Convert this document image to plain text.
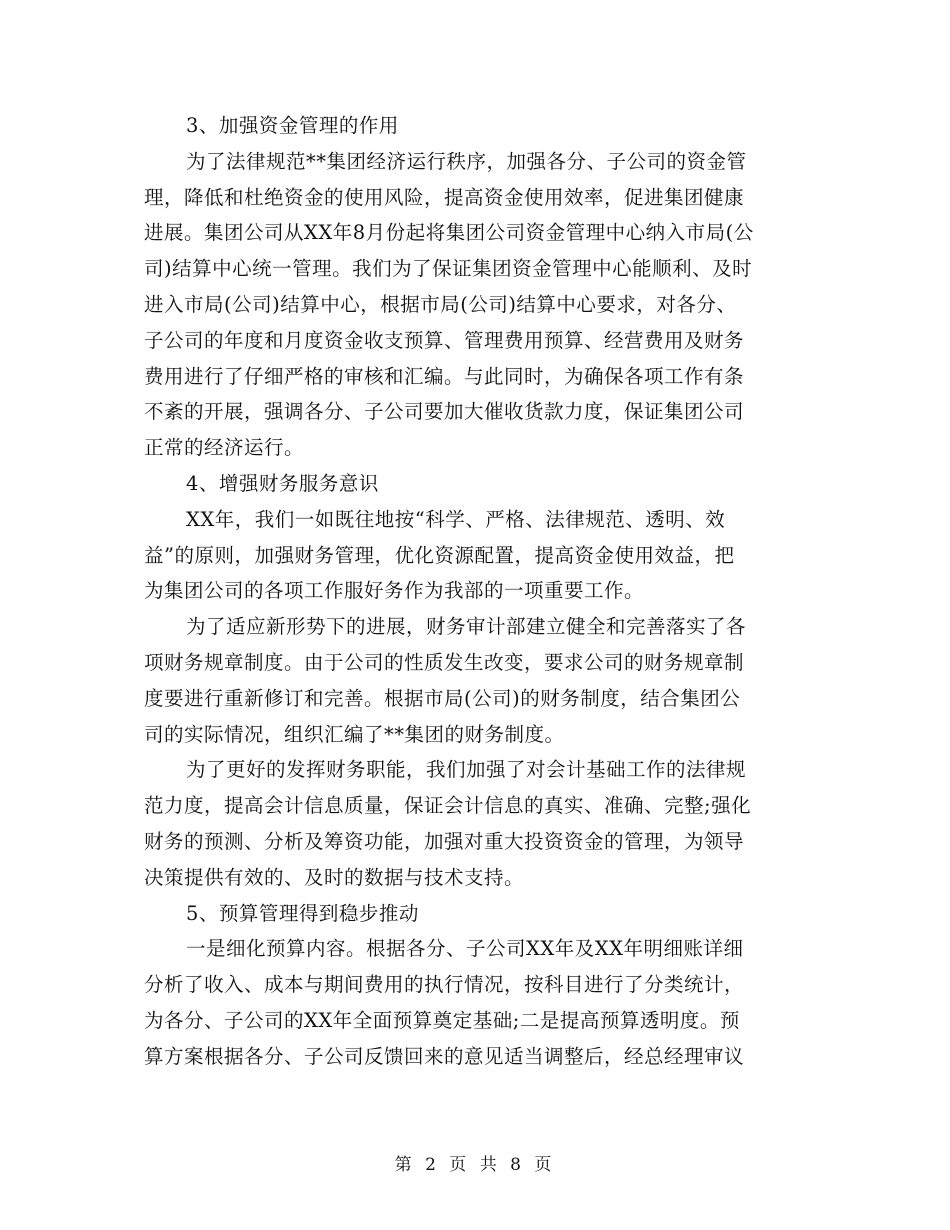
3、加强资金管理的作用
为了法律规范**集团经济运行秩序，加强各分、子公司的资金管
理，降低和杜绝资金的使用风险，提高资金使用效率，促进集团健康
进展。集团公司从XX年8月份起将集团公司资金管理中心纳入市局(公
司)结算中心统一管理。我们为了保证集团资金管理中心能顺利、及时
进入市局(公司)结算中心，根据市局(公司)结算中心要求，对各分、
子公司的年度和月度资金收支预算、管理费用预算、经营费用及财务
费用进行了仔细严格的审核和汇编。与此同时，为确保各项工作有条
不紊的开展，强调各分、子公司要加大催收货款力度，保证集团公司
正常的经济运行。
4、增强财务服务意识
XX年，我们一如既往地按“科学、严格、法律规范、透明、效
益”的原则，加强财务管理，优化资源配置，提高资金使用效益，把
为集团公司的各项工作服好务作为我部的一项重要工作。
为了适应新形势下的进展，财务审计部建立健全和完善落实了各
项财务规章制度。由于公司的性质发生改变，要求公司的财务规章制
度要进行重新修订和完善。根据市局(公司)的财务制度，结合集团公
司的实际情况，组织汇编了**集团的财务制度。
为了更好的发挥财务职能，我们加强了对会计基础工作的法律规
范力度，提高会计信息质量，保证会计信息的真实、准确、完整;强化
财务的预测、分析及筹资功能，加强对重大投资资金的管理，为领导
决策提供有效的、及时的数据与技术支持。
5、预算管理得到稳步推动
一是细化预算内容。根据各分、子公司XX年及XX年明细账详细
分析了收入、成本与期间费用的执行情况，按科目进行了分类统计，
为各分、子公司的XX年全面预算奠定基础;二是提高预算透明度。预
算方案根据各分、子公司反馈回来的意见适当调整后，经总经理审议
第 2 页 共 8 页
